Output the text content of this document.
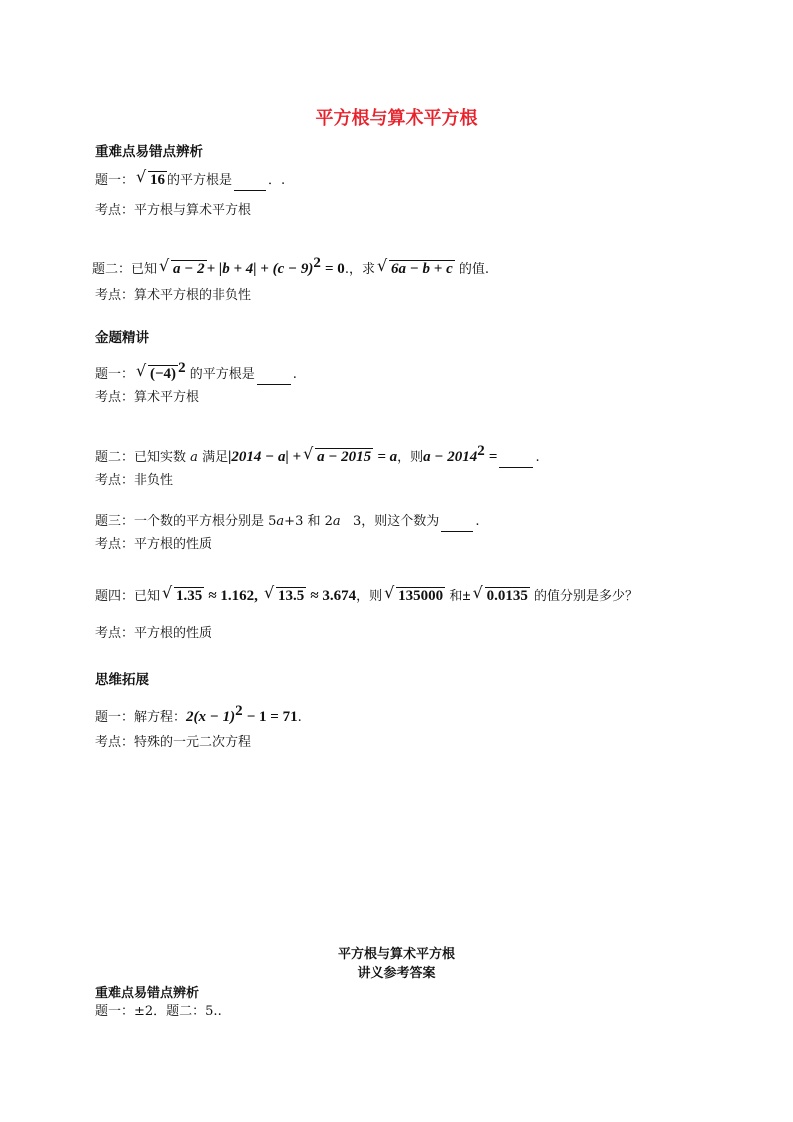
平方根与算术平方根
重难点易错点辨析
题一： √ 16 的平方根是	．.
考点：平方根与算术平方根
题二：已知 √ $a - 2 + |b + 4| + (c - 9)^2 = 0$.，求 √ 6a − b + c 的值.
考点：算术平方根的非负性
金题精讲
题一： √ (−4) $^2$ 的平方根是	.
考点：算术平方根
题二：已知实数 a 满足|2014 − a| + √ a − 2015 = a，则$a - 2014^2$ =	.
考点：非负性
题三：一个数的平方根分别是 5a+3 和 2a   3，则这个数为	.
考点：平方根的性质
题四：已知 √ 1.35 ≈ 1.162, √ 13.5 ≈ 3.674，则 √ 135000 和± √ 0.0135 的值分别是多少？
考点：平方根的性质
思维拓展
题一：解方程：$2(x - 1)^2 - 1 = 71$.
考点：特殊的一元二次方程
平方根与算术平方根
讲义参考答案
重难点易错点辨析
题一：±2．题二：5..
